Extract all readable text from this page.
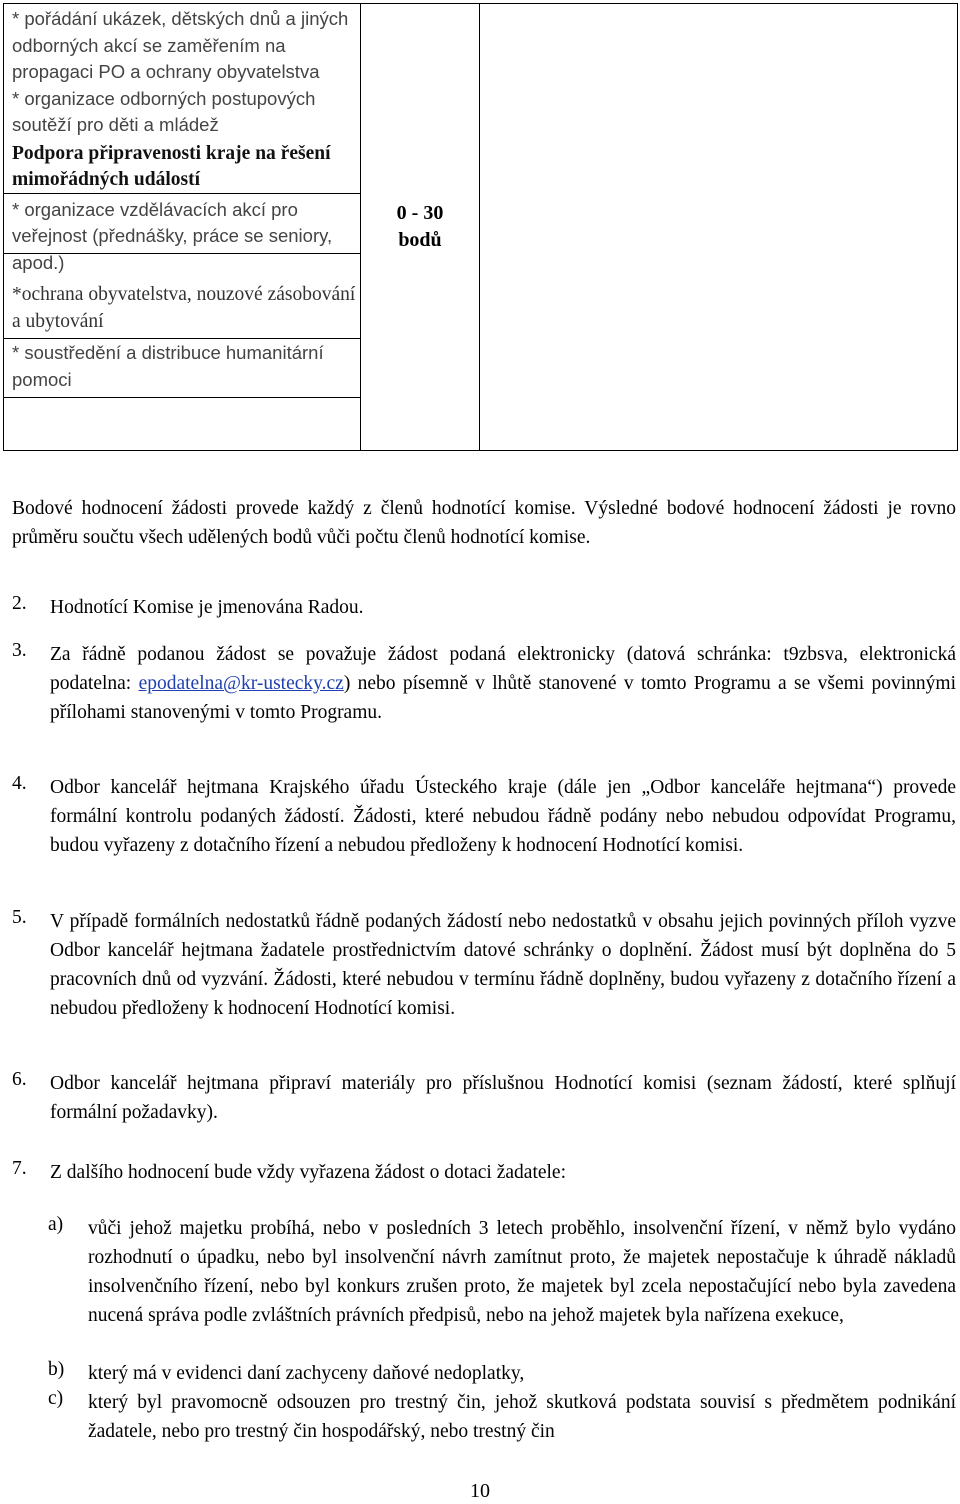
* pořádání ukázek, dětských dnů a jiných odborných akcí se zaměřením na propagaci PO a ochrany obyvatelstva

* organizace odborných postupových soutěží pro děti a mládež

Podpora připravenosti kraje na řešení mimořádných událostí

* organizace vzdělávacích akcí pro veřejnost (přednášky, práce se seniory, apod.)

*ochrana obyvatelstva, nouzové zásobování a ubytování

* soustředění a distribuce humanitární pomoci

0 - 30
bodů

Bodové hodnocení žádosti provede každý z členů hodnotící komise. Výsledné bodové hodnocení žádosti je rovno průměru součtu všech udělených bodů vůči počtu členů hodnotící komise.

2. Hodnotící Komise je jmenována Radou.
3. Za řádně podanou žádost se považuje žádost podaná elektronicky (datová schránka: t9zbsva, elektronická podatelna: epodatelna@kr-ustecky.cz) nebo písemně v lhůtě stanovené v tomto Programu a se všemi povinnými přílohami stanovenými v tomto Programu.
4. Odbor kancelář hejtmana Krajského úřadu Ústeckého kraje (dále jen „Odbor kanceláře hejtmana“) provede formální kontrolu podaných žádostí. Žádosti, které nebudou řádně podány nebo nebudou odpovídat Programu, budou vyřazeny z dotačního řízení a nebudou předloženy k hodnocení Hodnotící komisi.
5. V případě formálních nedostatků řádně podaných žádostí nebo nedostatků v obsahu jejich povinných příloh vyzve Odbor kancelář hejtmana žadatele prostřednictvím datové schránky o doplnění. Žádost musí být doplněna do 5 pracovních dnů od vyzvání. Žádosti, které nebudou v termínu řádně doplněny, budou vyřazeny z dotačního řízení a nebudou předloženy k hodnocení Hodnotící komisi.
6. Odbor kancelář hejtmana připraví materiály pro příslušnou Hodnotící komisi (seznam žádostí, které splňují formální požadavky).
7. Z dalšího hodnocení bude vždy vyřazena žádost o dotaci žadatele:
a) vůči jehož majetku probíhá, nebo v posledních 3 letech proběhlo, insolvenční řízení, v němž bylo vydáno rozhodnutí o úpadku, nebo byl insolvenční návrh zamítnut proto, že majetek nepostačuje k úhradě nákladů insolvenčního řízení, nebo byl konkurs zrušen proto, že majetek byl zcela nepostačující nebo byla zavedena nucená správa podle zvláštních právních předpisů, nebo na jehož majetek byla nařízena exekuce,
b) který má v evidenci daní zachyceny daňové nedoplatky,
c) který byl pravomocně odsouzen pro trestný čin, jehož skutková podstata souvisí s předmětem podnikání žadatele, nebo pro trestný čin hospodářský, nebo trestný čin
10
